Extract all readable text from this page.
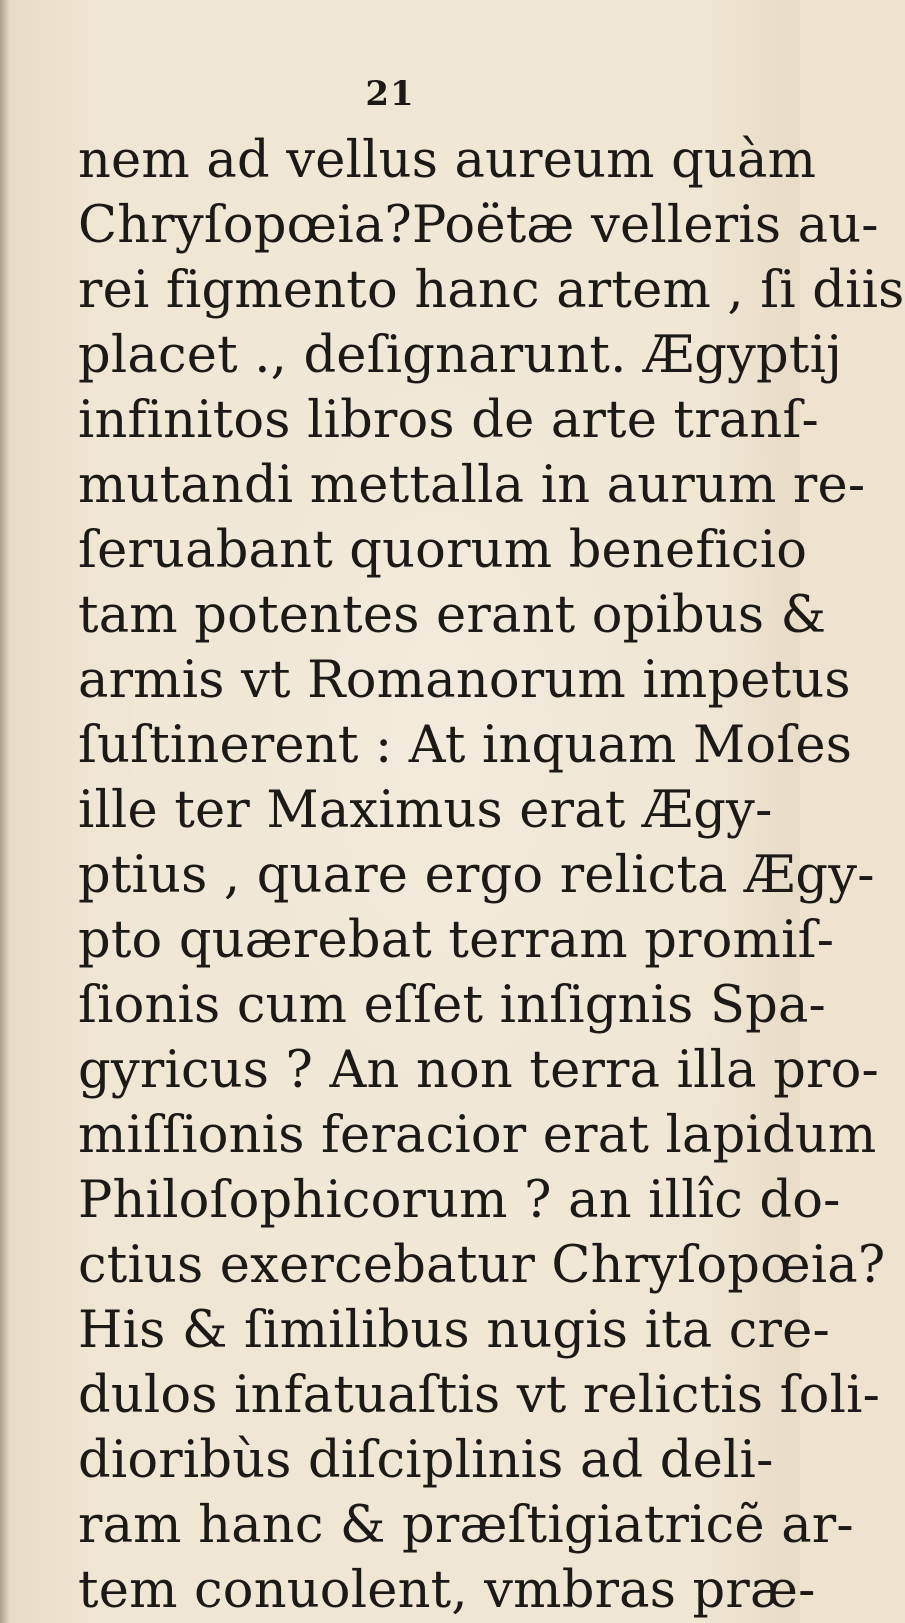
21
nem ad vellus aureum quàm
Chryſopœia?Poëtæ velleris au-
rei figmento hanc artem , ſi diis
placet ., deſignarunt. Ægyptij
infinitos libros de arte tranſ-
mutandi mettalla in aurum re-
ſeruabant quorum beneficio
tam potentes erant opibus &
armis vt Romanorum impetus
ſuſtinerent : At inquam Moſes
ille ter Maximus erat Ægy-
ptius , quare ergo relicta Ægy-
pto quærebat terram promiſ-
ſionis cum eſſet inſignis Spa-
gyricus ? An non terra illa pro-
miſſionis feracior erat lapidum
Philoſophicorum ? an illîc do-
ctius exercebatur Chryſopœia?
His & ſimilibus nugis ita cre-
dulos infatuaſtis vt relictis ſoli-
dioribùs diſciplinis ad deli-
ram hanc & præſtigiatricẽ ar-
tem conuolent, vmbras præ-
